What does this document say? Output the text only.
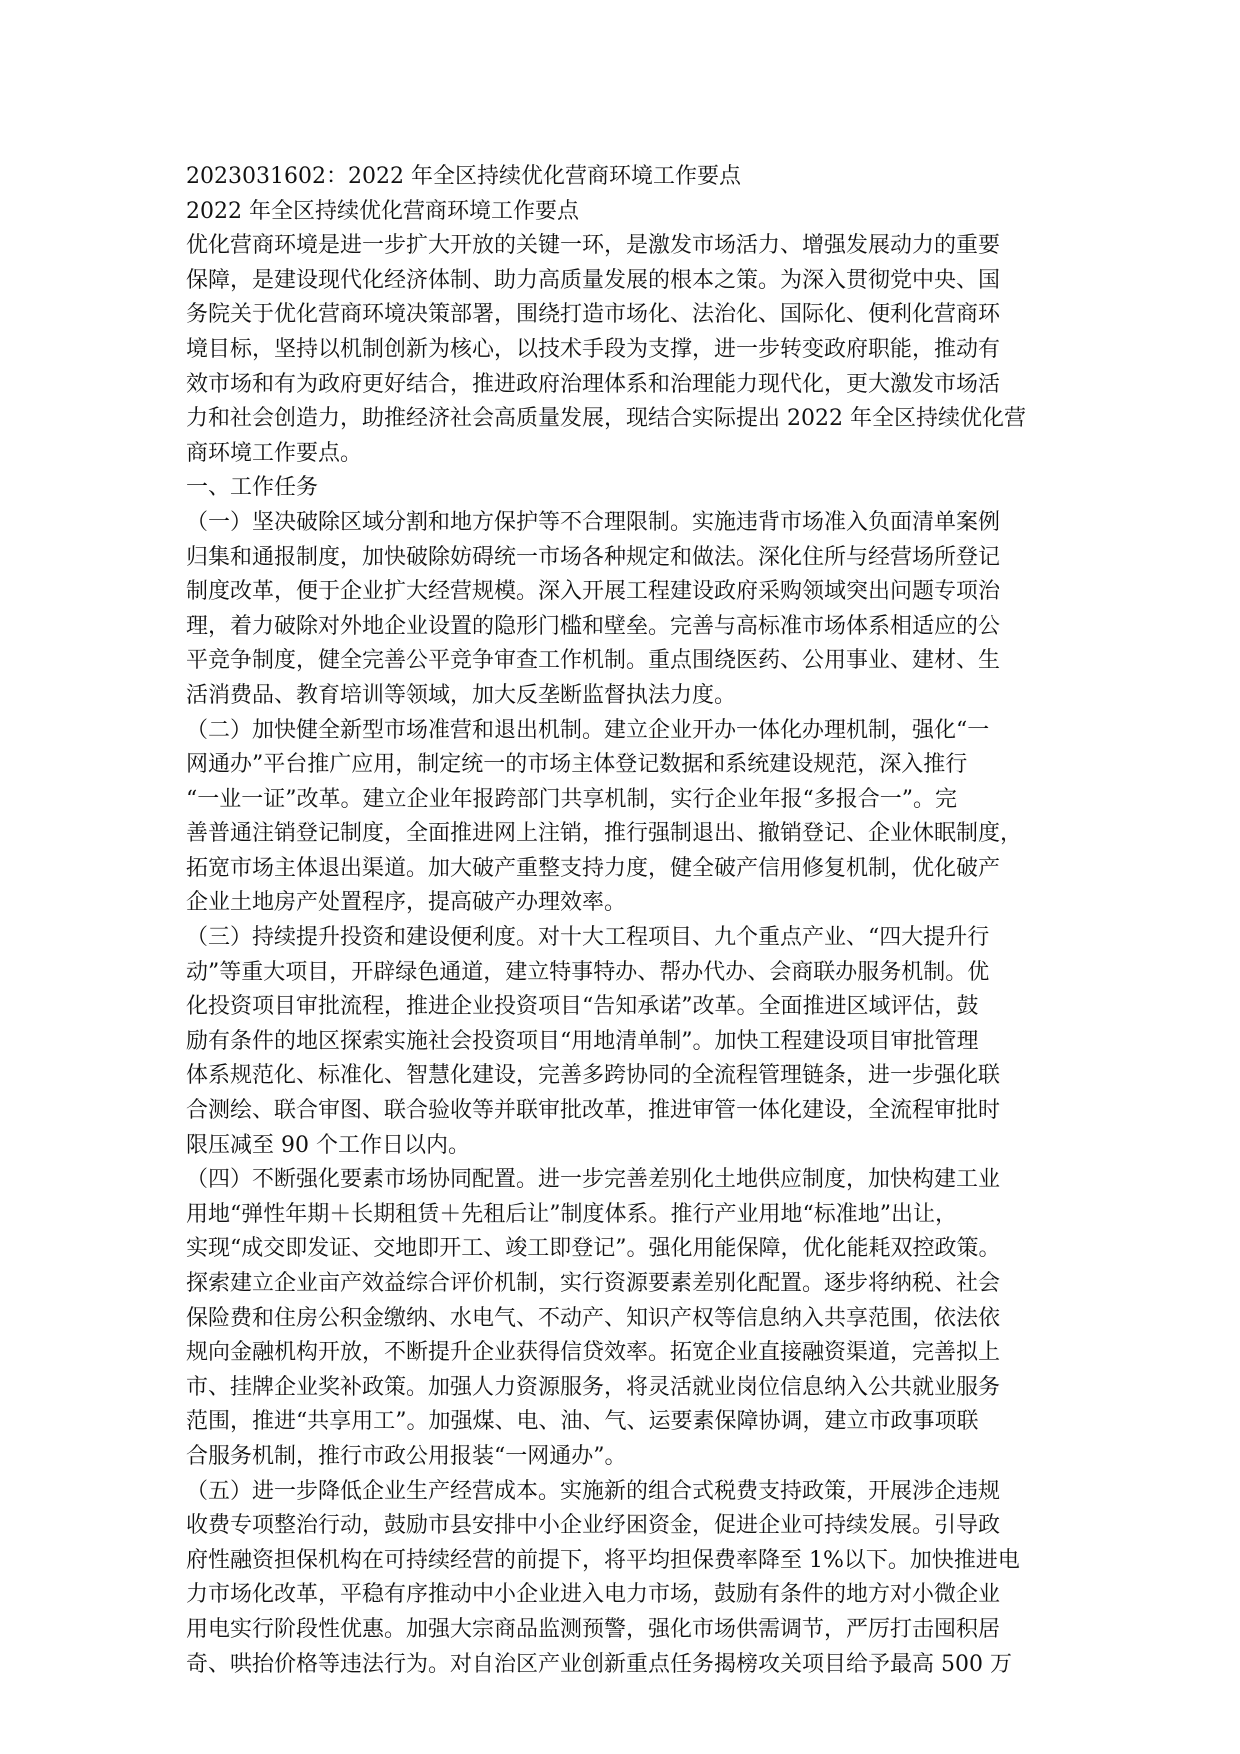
2023031602：2022 年全区持续优化营商环境工作要点
2022 年全区持续优化营商环境工作要点
优化营商环境是进一步扩大开放的关键一环，是激发市场活力、增强发展动力的重要
保障，是建设现代化经济体制、助力高质量发展的根本之策。为深入贯彻党中央、国
务院关于优化营商环境决策部署，围绕打造市场化、法治化、国际化、便利化营商环
境目标，坚持以机制创新为核心，以技术手段为支撑，进一步转变政府职能，推动有
效市场和有为政府更好结合，推进政府治理体系和治理能力现代化，更大激发市场活
力和社会创造力，助推经济社会高质量发展，现结合实际提出 2022 年全区持续优化营
商环境工作要点。
一、工作任务
（一）坚决破除区域分割和地方保护等不合理限制。实施违背市场准入负面清单案例
归集和通报制度，加快破除妨碍统一市场各种规定和做法。深化住所与经营场所登记
制度改革，便于企业扩大经营规模。深入开展工程建设政府采购领域突出问题专项治
理，着力破除对外地企业设置的隐形门槛和壁垒。完善与高标准市场体系相适应的公
平竞争制度，健全完善公平竞争审查工作机制。重点围绕医药、公用事业、建材、生
活消费品、教育培训等领域，加大反垄断监督执法力度。
（二）加快健全新型市场准营和退出机制。建立企业开办一体化办理机制，强化“一
网通办”平台推广应用，制定统一的市场主体登记数据和系统建设规范，深入推行
“一业一证”改革。建立企业年报跨部门共享机制，实行企业年报“多报合一”。完
善普通注销登记制度，全面推进网上注销，推行强制退出、撤销登记、企业休眠制度，
拓宽市场主体退出渠道。加大破产重整支持力度，健全破产信用修复机制，优化破产
企业土地房产处置程序，提高破产办理效率。
（三）持续提升投资和建设便利度。对十大工程项目、九个重点产业、“四大提升行
动”等重大项目，开辟绿色通道，建立特事特办、帮办代办、会商联办服务机制。优
化投资项目审批流程，推进企业投资项目“告知承诺”改革。全面推进区域评估，鼓
励有条件的地区探索实施社会投资项目“用地清单制”。加快工程建设项目审批管理
体系规范化、标准化、智慧化建设，完善多跨协同的全流程管理链条，进一步强化联
合测绘、联合审图、联合验收等并联审批改革，推进审管一体化建设，全流程审批时
限压减至 90 个工作日以内。
（四）不断强化要素市场协同配置。进一步完善差别化土地供应制度，加快构建工业
用地“弹性年期＋长期租赁＋先租后让”制度体系。推行产业用地“标准地”出让，
实现“成交即发证、交地即开工、竣工即登记”。强化用能保障，优化能耗双控政策。
探索建立企业亩产效益综合评价机制，实行资源要素差别化配置。逐步将纳税、社会
保险费和住房公积金缴纳、水电气、不动产、知识产权等信息纳入共享范围，依法依
规向金融机构开放，不断提升企业获得信贷效率。拓宽企业直接融资渠道，完善拟上
市、挂牌企业奖补政策。加强人力资源服务，将灵活就业岗位信息纳入公共就业服务
范围，推进“共享用工”。加强煤、电、油、气、运要素保障协调，建立市政事项联
合服务机制，推行市政公用报装“一网通办”。
（五）进一步降低企业生产经营成本。实施新的组合式税费支持政策，开展涉企违规
收费专项整治行动，鼓励市县安排中小企业纾困资金，促进企业可持续发展。引导政
府性融资担保机构在可持续经营的前提下，将平均担保费率降至 1%以下。加快推进电
力市场化改革，平稳有序推动中小企业进入电力市场，鼓励有条件的地方对小微企业
用电实行阶段性优惠。加强大宗商品监测预警，强化市场供需调节，严厉打击囤积居
奇、哄抬价格等违法行为。对自治区产业创新重点任务揭榜攻关项目给予最高 500 万
